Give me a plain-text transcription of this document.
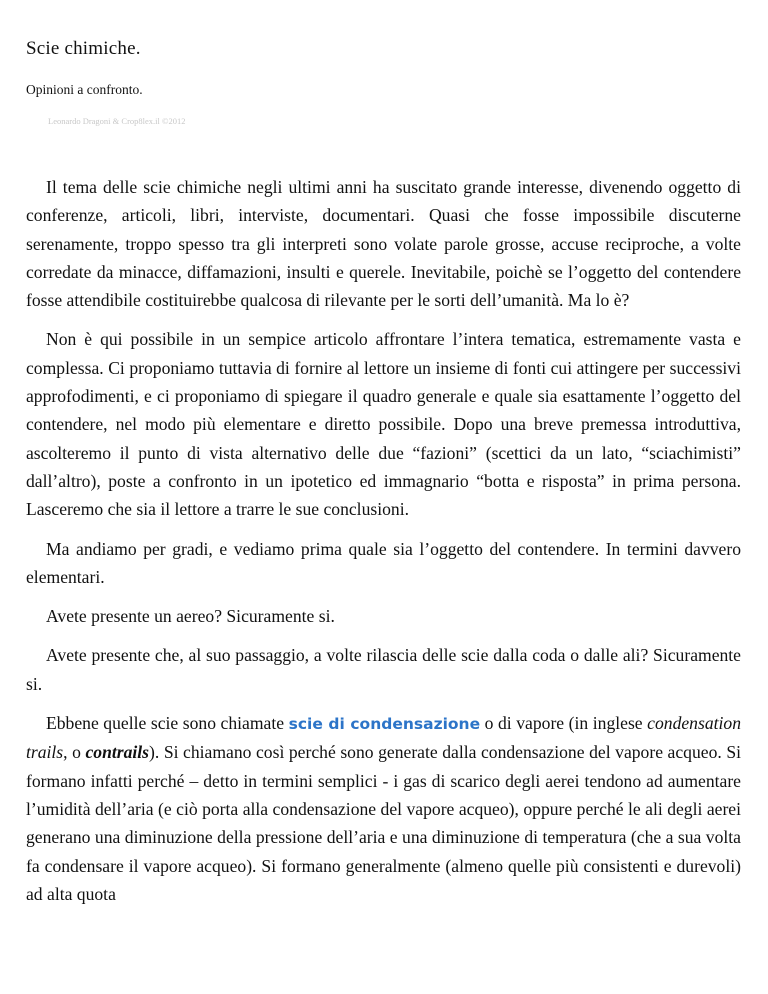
Scie chimiche.
Opinioni a confronto.
Leonardo Dragoni & Crop8lex.il ©2012

Il tema delle scie chimiche negli ultimi anni ha suscitato grande interesse, divenendo oggetto di conferenze, articoli, libri, interviste, documentari. Quasi che fosse impossibile discuterne serenamente, troppo spesso tra gli interpreti sono volate parole grosse, accuse reciproche, a volte corredate da minacce, diffamazioni, insulti e querele. Inevitabile, poichè se l’oggetto del contendere fosse attendibile costituirebbe qualcosa di rilevante per le sorti dell’umanità. Ma lo è?

Non è qui possibile in un sempice articolo affrontare l’intera tematica, estremamente vasta e complessa. Ci proponiamo tuttavia di fornire al lettore un insieme di fonti cui attingere per successivi approfodimenti, e ci proponiamo di spiegare il quadro generale e quale sia esattamente l’oggetto del contendere, nel modo più elementare e diretto possibile. Dopo una breve premessa introduttiva, ascolteremo il punto di vista alternativo delle due “fazioni” (scettici da un lato, “sciachimisti” dall’altro), poste a confronto in un ipotetico ed immagnario “botta e risposta” in prima persona. Lasceremo che sia il lettore a trarre le sue conclusioni.

Ma andiamo per gradi, e vediamo prima quale sia l’oggetto del contendere. In termini davvero elementari.

Avete presente un aereo? Sicuramente si.

Avete presente che, al suo passaggio, a volte rilascia delle scie dalla coda o dalle ali? Sicuramente si.

Ebbene quelle scie sono chiamate scie di condensazione o di vapore (in inglese condensation trails, o contrails). Si chiamano così perché sono generate dalla condensazione del vapore acqueo. Si formano infatti perché – detto in termini semplici - i gas di scarico degli aerei tendono ad aumentare l’umidità dell’aria (e ciò porta alla condensazione del vapore acqueo), oppure perché le ali degli aerei generano una diminuzione della pressione dell’aria e una diminuzione di temperatura (che a sua volta fa condensare il vapore acqueo). Si formano generalmente (almeno quelle più consistenti e durevoli) ad alta quota
